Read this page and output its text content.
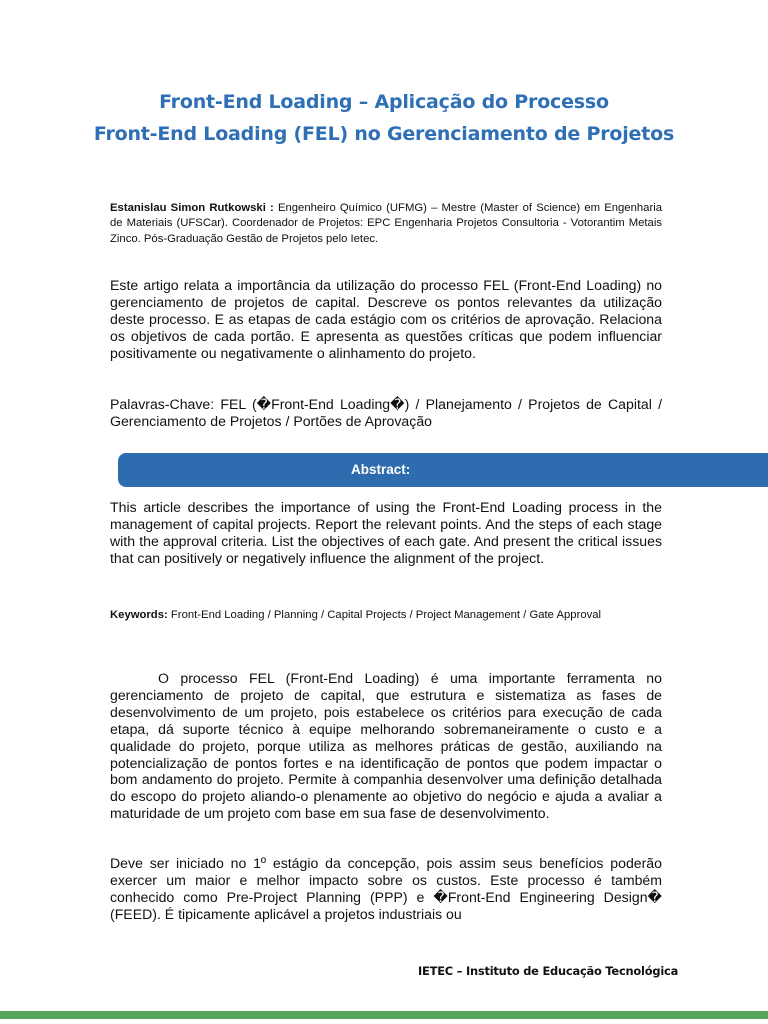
Front-End Loading – Aplicação do Processo
Front-End Loading (FEL) no Gerenciamento de Projetos
Estanislau Simon Rutkowski : Engenheiro Químico (UFMG) – Mestre (Master of Science) em Engenharia de Materiais (UFSCar). Coordenador de Projetos: EPC Engenharia Projetos Consultoria - Votorantim Metais Zinco. Pós-Graduação Gestão de Projetos pelo Ietec.
Este artigo relata a importância da utilização do processo FEL (Front-End Loading) no gerenciamento de projetos de capital. Descreve os pontos relevantes da utilização deste processo. E as etapas de cada estágio com os critérios de aprovação. Relaciona os objetivos de cada portão. E apresenta as questões críticas que podem influenciar positivamente ou negativamente o alinhamento do projeto.
Palavras-Chave: FEL (�Front-End Loading�) / Planejamento / Projetos de Capital / Gerenciamento de Projetos / Portões de Aprovação
Abstract:
This article describes the importance of using the Front-End Loading process in the management of capital projects. Report the relevant points. And the steps of each stage with the approval criteria. List the objectives of each gate. And present the critical issues that can positively or negatively influence the alignment of the project.
Keywords: Front-End Loading / Planning / Capital Projects / Project Management / Gate Approval
O processo FEL (Front-End Loading) é uma importante ferramenta no gerenciamento de projeto de capital, que estrutura e sistematiza as fases de desenvolvimento de um projeto, pois estabelece os critérios para execução de cada etapa, dá suporte técnico à equipe melhorando sobremaneiramente o custo e a qualidade do projeto, porque utiliza as melhores práticas de gestão, auxiliando na potencialização de pontos fortes e na identificação de pontos que podem impactar o bom andamento do projeto. Permite à companhia desenvolver uma definição detalhada do escopo do projeto aliando-o plenamente ao objetivo do negócio e ajuda a avaliar a maturidade de um projeto com base em sua fase de desenvolvimento.
Deve ser iniciado no 1º estágio da concepção, pois assim seus benefícios poderão exercer um maior e melhor impacto sobre os custos. Este processo é também conhecido como Pre-Project Planning (PPP) e �Front-End Engineering Design� (FEED). É tipicamente aplicável a projetos industriais ou
IETEC – Instituto de Educação Tecnológica
